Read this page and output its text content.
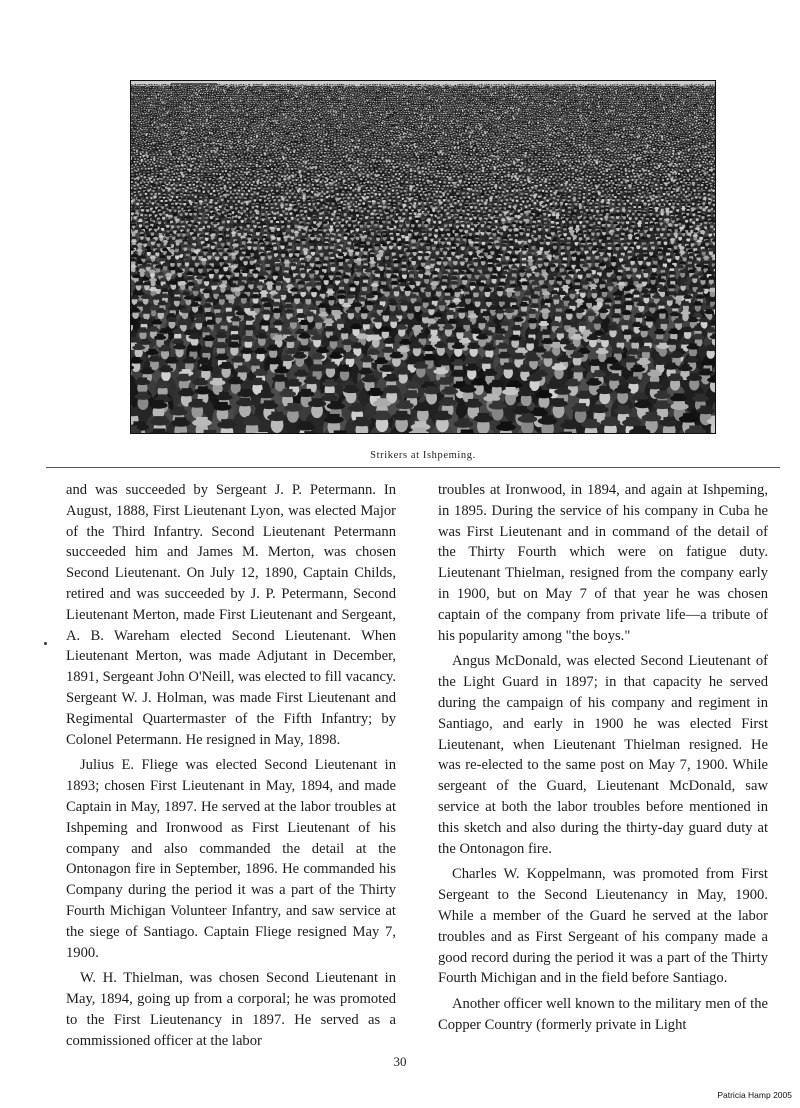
Strikers at Ishpeming.

and was succeeded by Sergeant J. P. Petermann. In August, 1888, First Lieutenant Lyon, was elected Major of the Third Infantry. Second Lieutenant Petermann succeeded him and James M. Merton, was chosen Second Lieutenant. On July 12, 1890, Captain Childs, retired and was succeeded by J. P. Petermann, Second Lieutenant Merton, made First Lieutenant and Sergeant, A. B. Wareham elected Second Lieutenant. When Lieutenant Merton, was made Adjutant in December, 1891, Sergeant John O'Neill, was elected to fill vacancy. Sergeant W. J. Holman, was made First Lieutenant and Regimental Quartermaster of the Fifth Infantry; by Colonel Petermann. He resigned in May, 1898.

Julius E. Fliege was elected Second Lieutenant in 1893; chosen First Lieutenant in May, 1894, and made Captain in May, 1897. He served at the labor troubles at Ishpeming and Ironwood as First Lieutenant of his company and also commanded the detail at the Ontonagon fire in September, 1896. He commanded his Company during the period it was a part of the Thirty Fourth Michigan Volunteer Infantry, and saw service at the siege of Santiago. Captain Fliege resigned May 7, 1900.

W. H. Thielman, was chosen Second Lieutenant in May, 1894, going up from a corporal; he was promoted to the First Lieutenancy in 1897. He served as a commissioned officer at the labor

troubles at Ironwood, in 1894, and again at Ishpeming, in 1895. During the service of his company in Cuba he was First Lieutenant and in command of the detail of the Thirty Fourth which were on fatigue duty. Lieutenant Thielman, resigned from the company early in 1900, but on May 7 of that year he was chosen captain of the company from private life—a tribute of his popularity among "the boys."

Angus McDonald, was elected Second Lieutenant of the Light Guard in 1897; in that capacity he served during the campaign of his company and regiment in Santiago, and early in 1900 he was elected First Lieutenant, when Lieutenant Thielman resigned. He was re-elected to the same post on May 7, 1900. While sergeant of the Guard, Lieutenant McDonald, saw service at both the labor troubles before mentioned in this sketch and also during the thirty-day guard duty at the Ontonagon fire.

Charles W. Koppelmann, was promoted from First Sergeant to the Second Lieutenancy in May, 1900. While a member of the Guard he served at the labor troubles and as First Sergeant of his company made a good record during the period it was a part of the Thirty Fourth Michigan and in the field before Santiago.

Another officer well known to the military men of the Copper Country (formerly private in Light

30
Patricia Hamp 2005
